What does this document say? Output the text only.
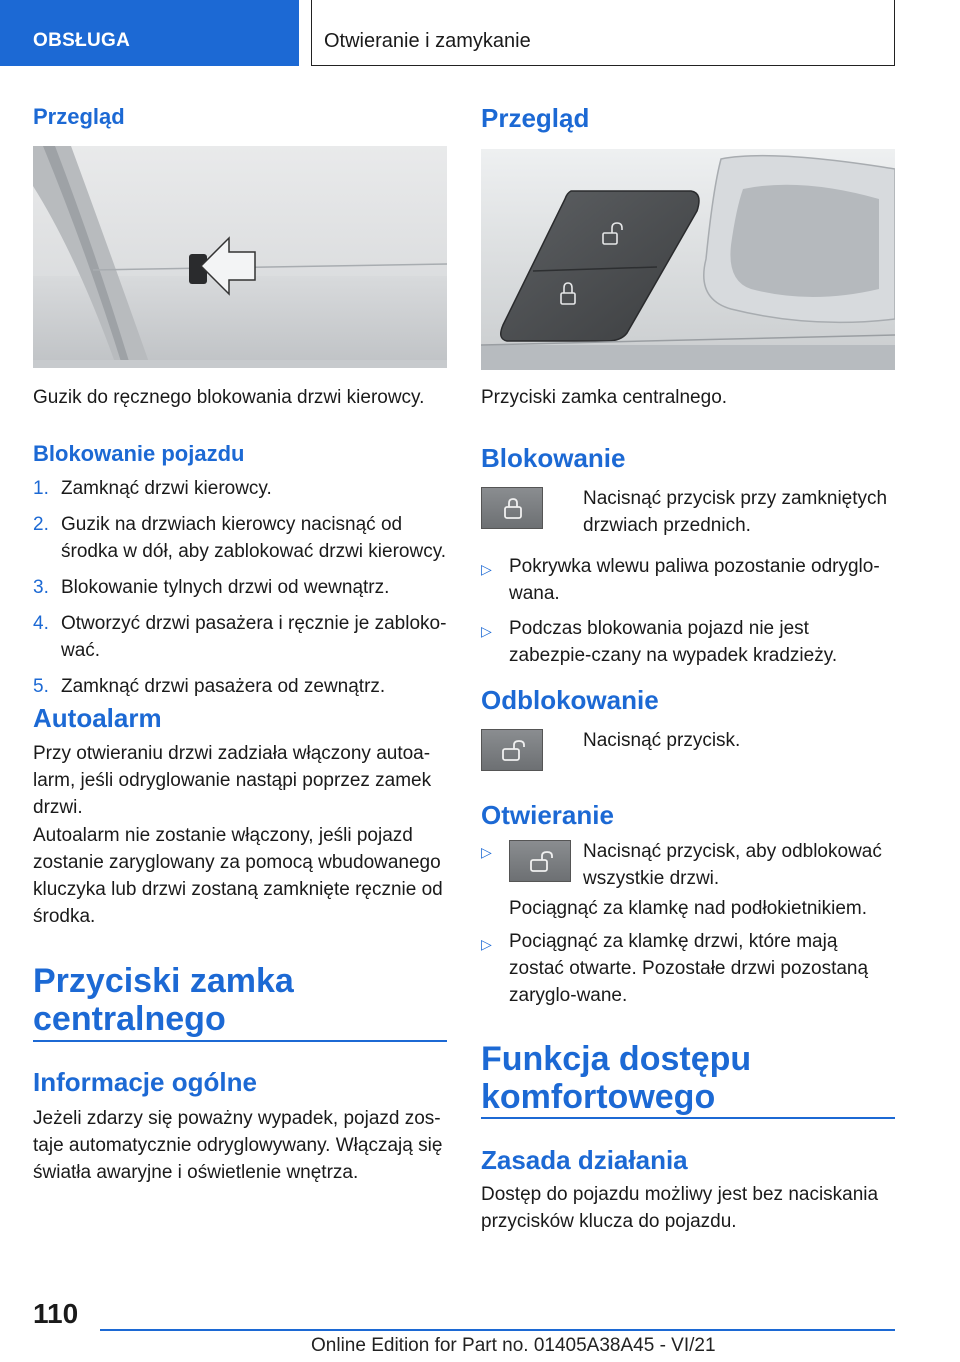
OBSŁUGA	Otwieranie i zamykanie
Przegląd
Guzik do ręcznego blokowania drzwi kierowcy.
Blokowanie pojazdu
1. Zamknąć drzwi kierowcy.
2. Guzik na drzwiach kierowcy nacisnąć od środka w dół, aby zablokować drzwi kierowcy.
3. Blokowanie tylnych drzwi od wewnątrz.
4. Otworzyć drzwi pasażera i ręcznie je zabloko-wać.
5. Zamknąć drzwi pasażera od zewnątrz.
Autoalarm
Przy otwieraniu drzwi zadziała włączony autoa-larm, jeśli odryglowanie nastąpi poprzez zamek drzwi.
Autoalarm nie zostanie włączony, jeśli pojazd zostanie zaryglowany za pomocą wbudowanego kluczyka lub drzwi zostaną zamknięte ręcznie od środka.
Przyciski zamka
centralnego
Informacje ogólne
Jeżeli zdarzy się poważny wypadek, pojazd zos-taje automatycznie odryglowywany. Włączają się światła awaryjne i oświetlenie wnętrza.
Przegląd
Przyciski zamka centralnego.
Blokowanie
Nacisnąć przycisk przy zamkniętych drzwiach przednich.
▷ Pokrywka wlewu paliwa pozostanie odryglo-wana.
▷ Podczas blokowania pojazd nie jest zabezpie-czany na wypadek kradzieży.
Odblokowanie
Nacisnąć przycisk.
Otwieranie
▷	Nacisnąć przycisk, aby odblokować wszystkie drzwi.
Pociągnąć za klamkę nad podłokietnikiem.
▷ Pociągnąć za klamkę drzwi, które mają zostać otwarte. Pozostałe drzwi pozostaną zaryglo-wane.
Funkcja dostępu
komfortowego
Zasada działania
Dostęp do pojazdu możliwy jest bez naciskania przycisków klucza do pojazdu.
110
Online Edition for Part no. 01405A38A45 - VI/21
